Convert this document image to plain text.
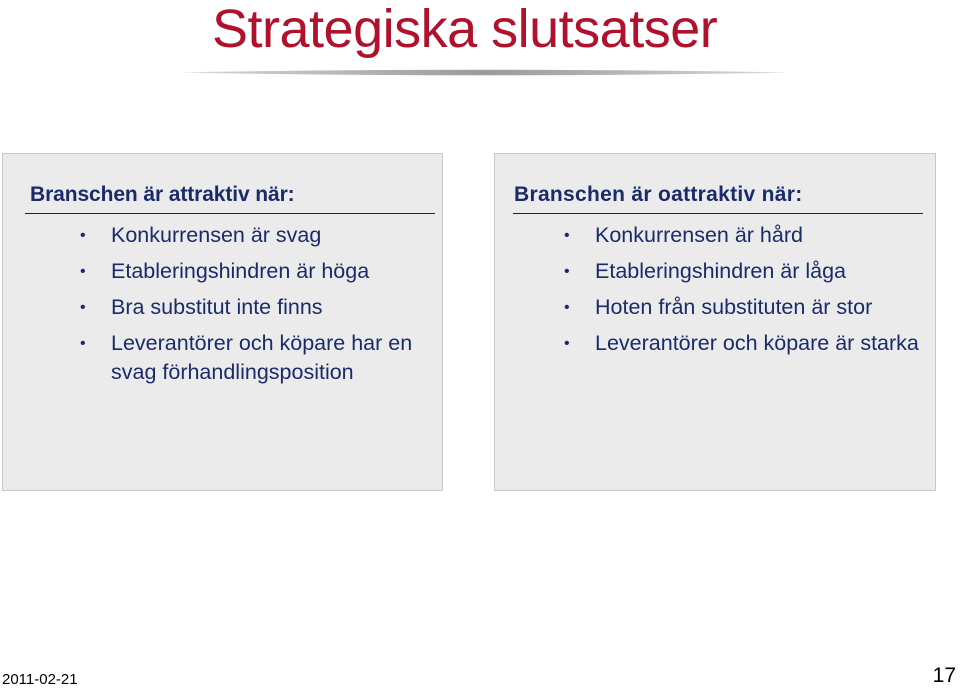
Strategiska slutsatser
Branschen är attraktiv när:
• Konkurrensen är svag
• Etableringshindren är höga
• Bra substitut inte finns
• Leverantörer och köpare har en svag förhandlingsposition
Branschen är oattraktiv när:
• Konkurrensen är hård
• Etableringshindren är låga
• Hoten från substituten är stor
• Leverantörer och köpare är starka
2011-02-21	17
